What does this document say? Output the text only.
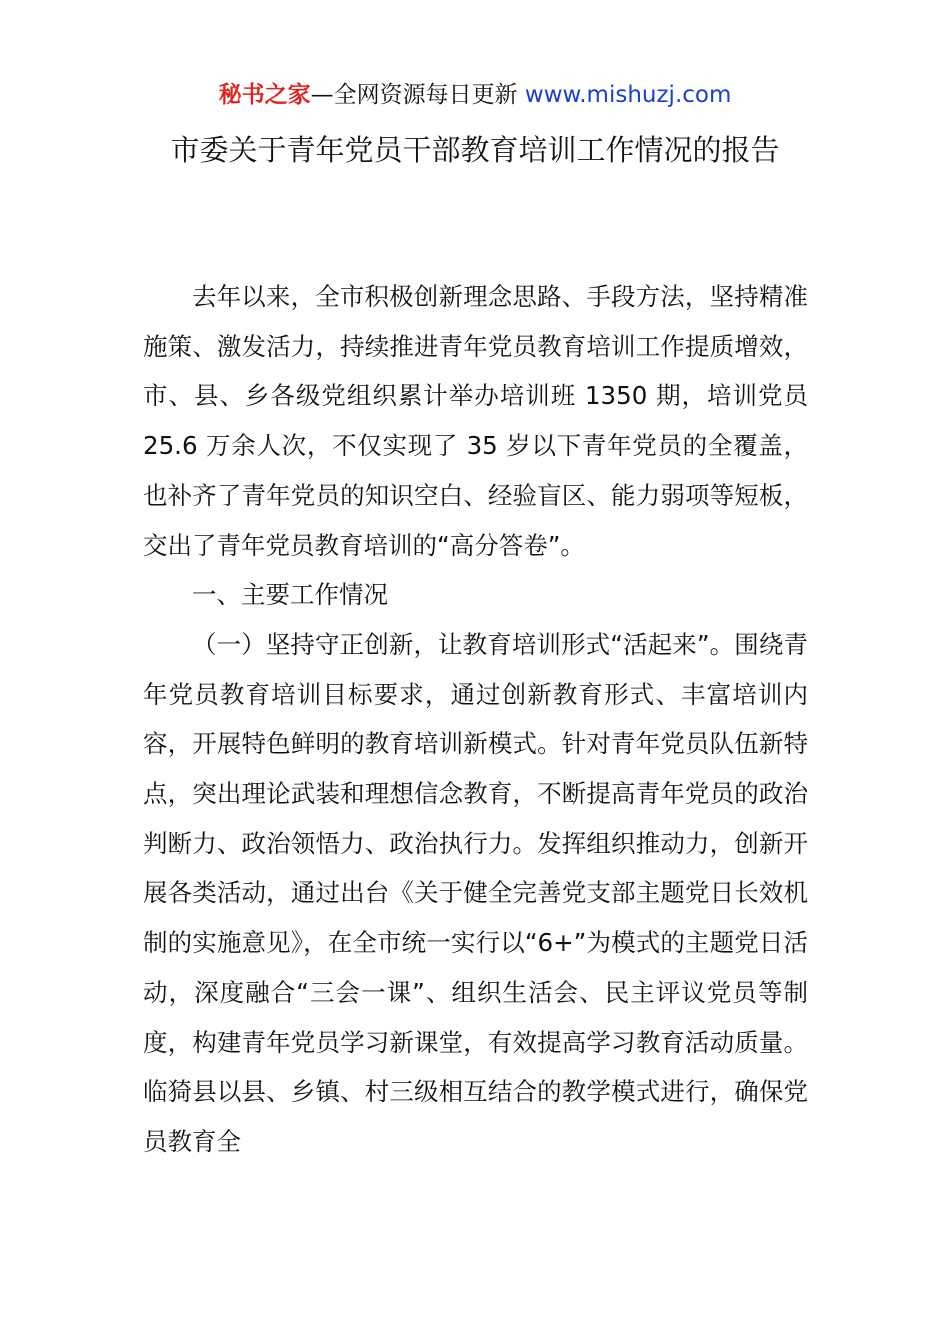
秘书之家—全网资源每日更新 www.mishuzj.com
市委关于青年党员干部教育培训工作情况的报告

去年以来，全市积极创新理念思路、手段方法，坚持精准施策、激发活力，持续推进青年党员教育培训工作提质增效，市、县、乡各级党组织累计举办培训班 1350 期，培训党员 25.6 万余人次，不仅实现了 35 岁以下青年党员的全覆盖，也补齐了青年党员的知识空白、经验盲区、能力弱项等短板，交出了青年党员教育培训的“高分答卷”。

一、主要工作情况

（一）坚持守正创新，让教育培训形式“活起来”。围绕青年党员教育培训目标要求，通过创新教育形式、丰富培训内容，开展特色鲜明的教育培训新模式。针对青年党员队伍新特点，突出理论武装和理想信念教育，不断提高青年党员的政治判断力、政治领悟力、政治执行力。发挥组织推动力，创新开展各类活动，通过出台《关于健全完善党支部主题党日长效机制的实施意见》，在全市统一实行以“6+”为模式的主题党日活动，深度融合“三会一课”、组织生活会、民主评议党员等制度，构建青年党员学习新课堂，有效提高学习教育活动质量。临猗县以县、乡镇、村三级相互结合的教学模式进行，确保党员教育全
